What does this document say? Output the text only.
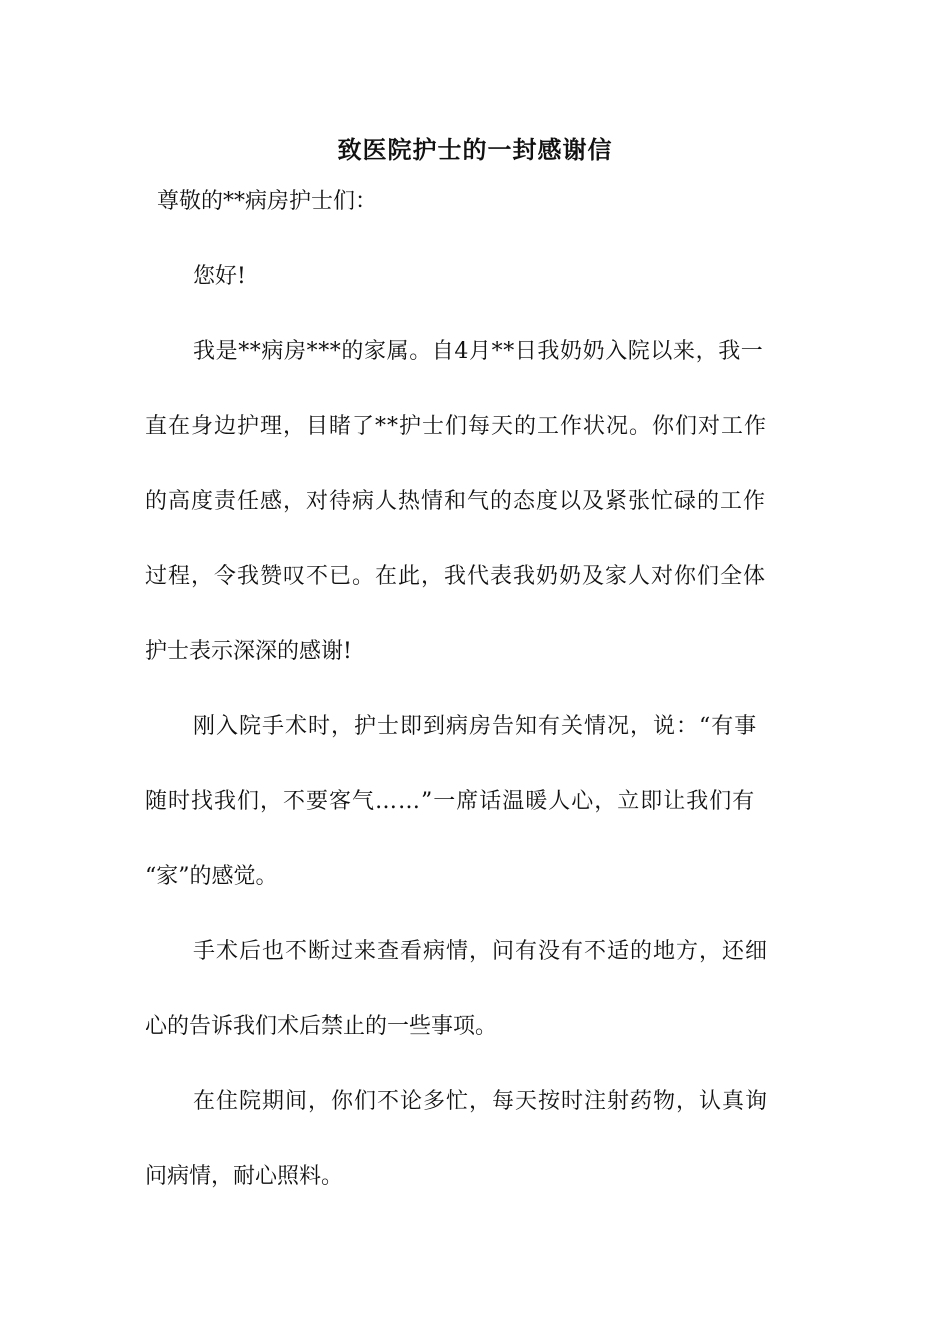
致医院护士的一封感谢信

尊敬的**病房护士们：

您好!

我是**病房***的家属。自4月**日我奶奶入院以来，我一

直在身边护理，目睹了**护士们每天的工作状况。你们对工作

的高度责任感，对待病人热情和气的态度以及紧张忙碌的工作

过程，令我赞叹不已。在此，我代表我奶奶及家人对你们全体

护士表示深深的感谢!

刚入院手术时，护士即到病房告知有关情况，说：“有事

随时找我们，不要客气……”一席话温暖人心，立即让我们有

“家”的感觉。

手术后也不断过来查看病情，问有没有不适的地方，还细

心的告诉我们术后禁止的一些事项。

在住院期间，你们不论多忙，每天按时注射药物，认真询

问病情，耐心照料。
